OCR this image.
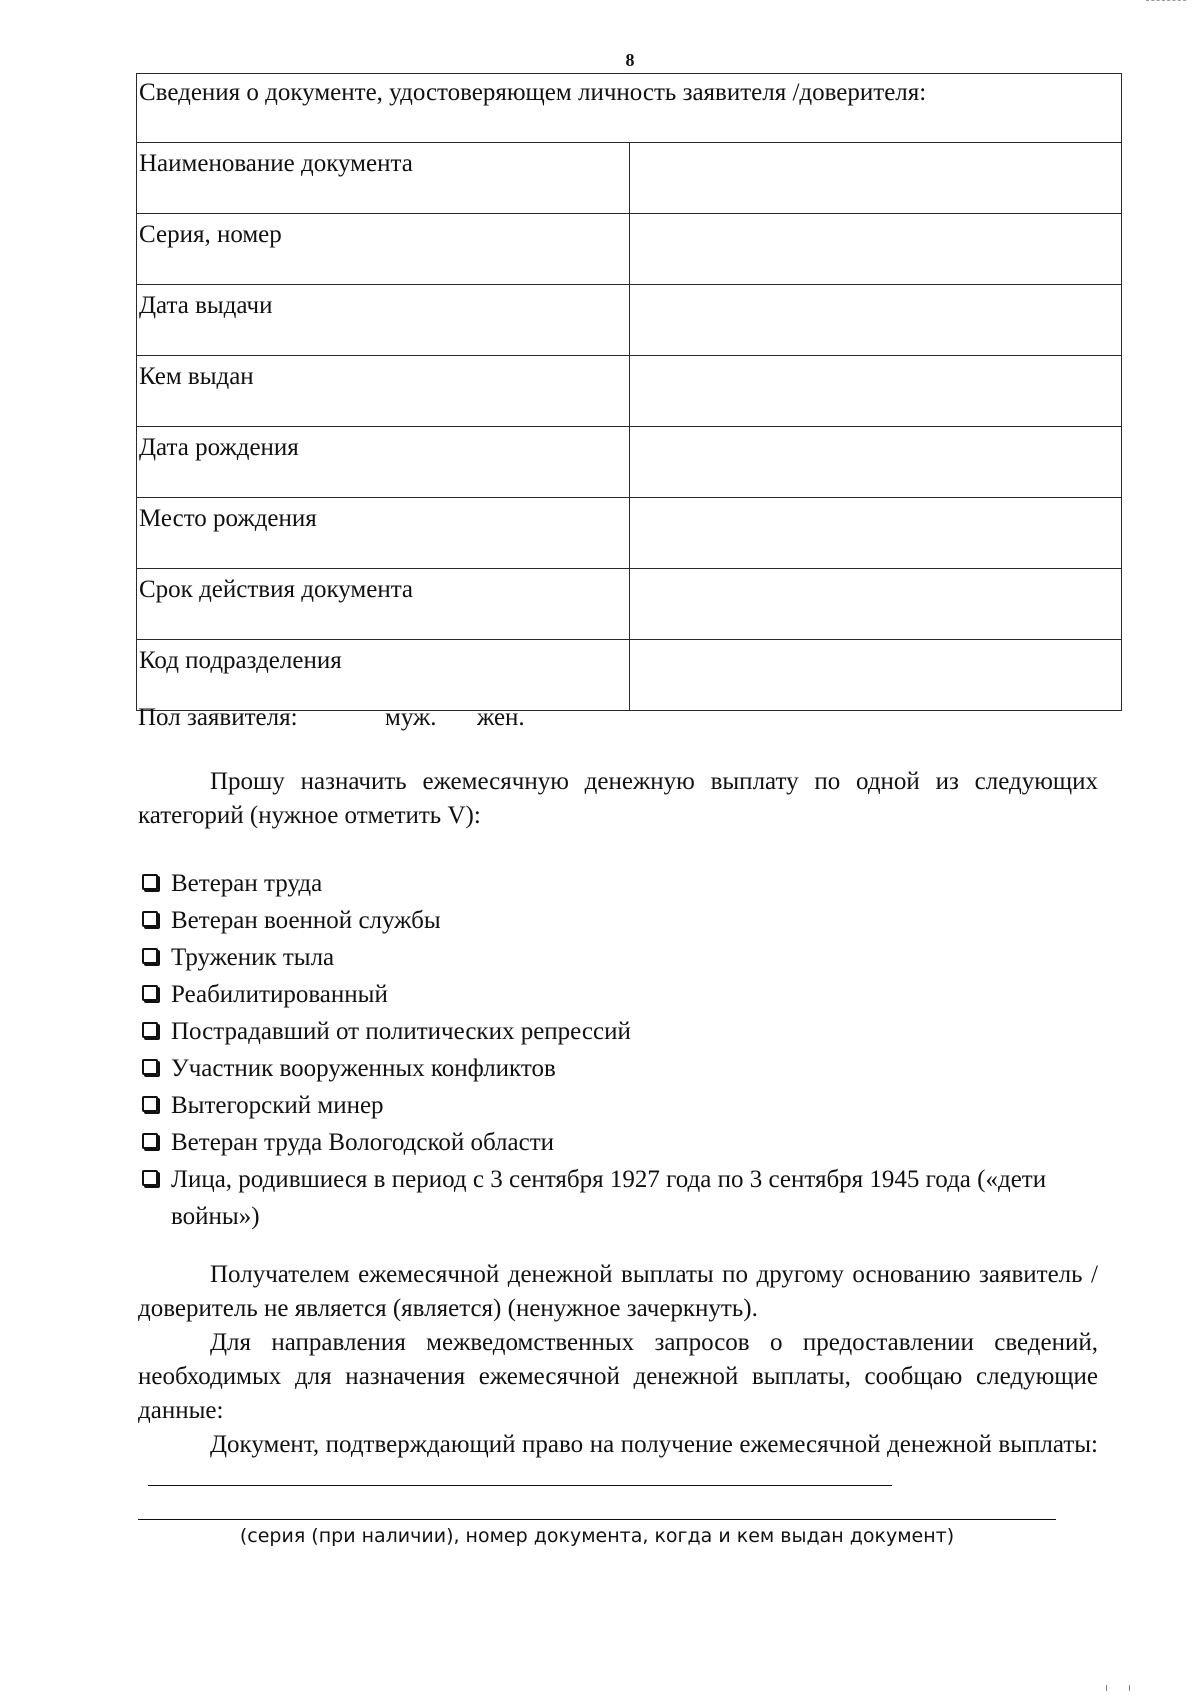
8
Сведения о документе, удостоверяющем личность заявителя /доверителя:	
Наименование документа	
Серия, номер	
Дата выдачи	
Кем выдан	
Дата рождения	
Место рождения	
Срок действия документа	
Код подразделения	
Пол заявителя:	муж. жен.
Прошу назначить ежемесячную денежную выплату по одной из следующих категорий (нужное отметить V):
Ветеран труда
Ветеран военной службы
Труженик тыла
Реабилитированный
Пострадавший от политических репрессий
Участник вооруженных конфликтов
Вытегорский минер
Ветеран труда Вологодской области
Лица, родившиеся в период с 3 сентября 1927 года по 3 сентября 1945 года («дети войны»)
Получателем ежемесячной денежной выплаты по другому основанию заявитель /доверитель не является (является) (ненужное зачеркнуть).
Для направления межведомственных запросов о предоставлении сведений, необходимых для назначения ежемесячной денежной выплаты, сообщаю следующие данные:
Документ, подтверждающий право на получение ежемесячной денежной выплаты:
(серия (при наличии), номер документа, когда и кем выдан документ)
